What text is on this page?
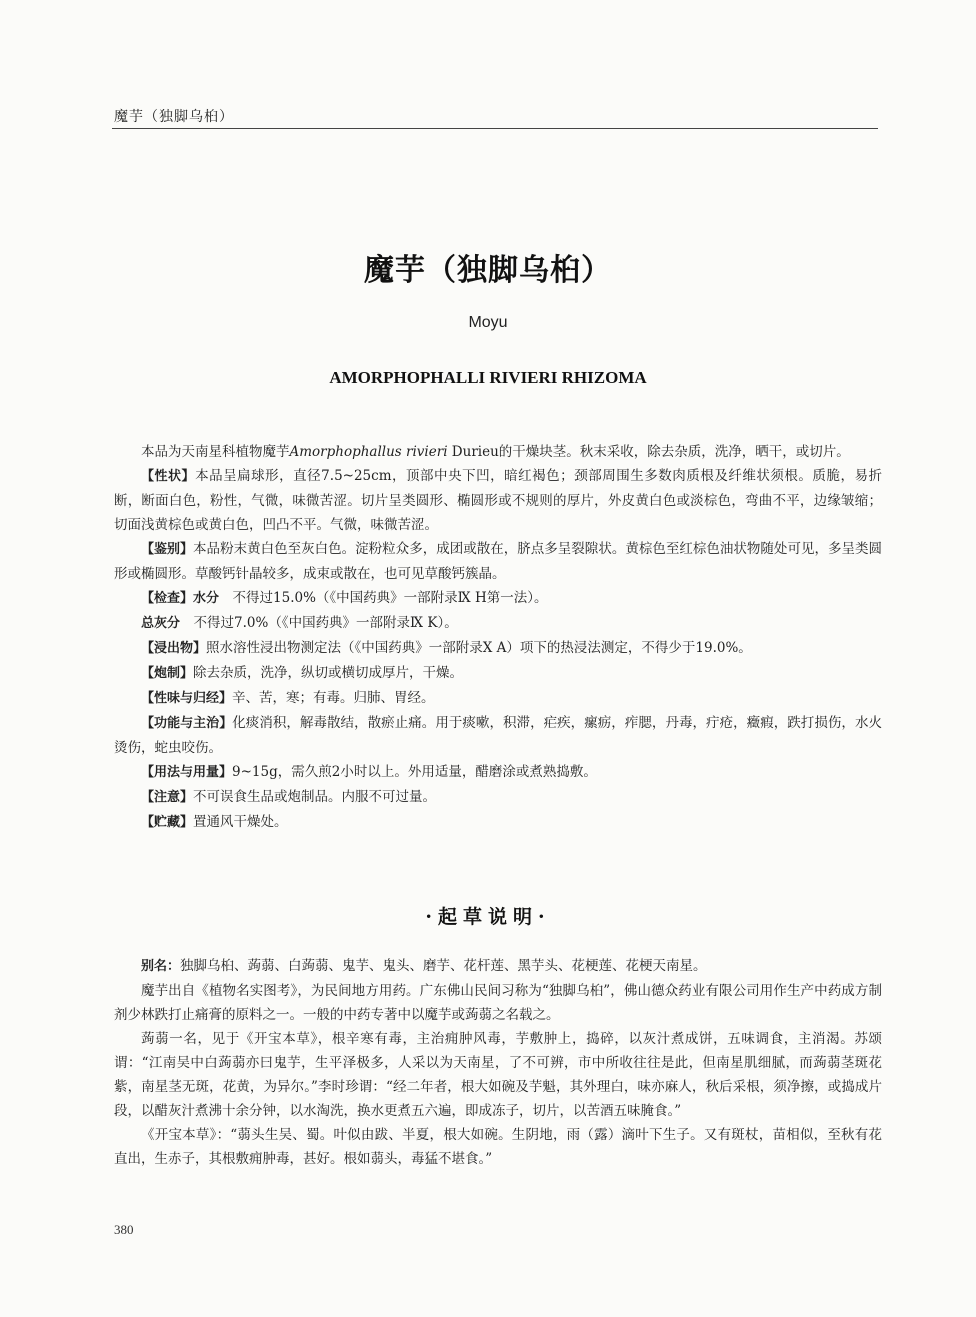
魔芋（独脚乌桕）
魔芋（独脚乌桕）
Moyu
AMORPHOPHALLI RIVIERI RHIZOMA

本品为天南星科植物魔芋Amorphophallus rivieri Durieu的干燥块茎。秋末采收，除去杂质，洗净，晒干，或切片。

【性状】本品呈扁球形，直径7.5~25cm，顶部中央下凹，暗红褐色；颈部周围生多数肉质根及纤维状须根。质脆，易折断，断面白色，粉性，气微，味微苦涩。切片呈类圆形、椭圆形或不规则的厚片，外皮黄白色或淡棕色，弯曲不平，边缘皱缩；切面浅黄棕色或黄白色，凹凸不平。气微，味微苦涩。

【鉴别】本品粉末黄白色至灰白色。淀粉粒众多，成团或散在，脐点多呈裂隙状。黄棕色至红棕色油状物随处可见，多呈类圆形或椭圆形。草酸钙针晶较多，成束或散在，也可见草酸钙簇晶。

【检查】水分　不得过15.0%（《中国药典》一部附录Ⅸ H第一法）。

总灰分　不得过7.0%（《中国药典》一部附录Ⅸ K）。

【浸出物】照水溶性浸出物测定法（《中国药典》一部附录Ⅹ A）项下的热浸法测定，不得少于19.0%。

【炮制】除去杂质，洗净，纵切或横切成厚片，干燥。

【性味与归经】辛、苦，寒；有毒。归肺、胃经。

【功能与主治】化痰消积，解毒散结，散瘀止痛。用于痰嗽，积滞，疟疾，瘰疬，痄腮，丹毒，疔疮，癥瘕，跌打损伤，水火烫伤，蛇虫咬伤。

【用法与用量】9~15g，需久煎2小时以上。外用适量，醋磨涂或煮熟捣敷。

【注意】不可误食生品或炮制品。内服不可过量。

【贮藏】置通风干燥处。

·起草说明·

别名：独脚乌桕、蒟蒻、白蒟蒻、鬼芋、鬼头、磨芋、花杆莲、黑芋头、花梗莲、花梗天南星。

魔芋出自《植物名实图考》，为民间地方用药。广东佛山民间习称为“独脚乌桕”，佛山德众药业有限公司用作生产中药成方制剂少林跌打止痛膏的原料之一。一般的中药专著中以魔芋或蒟蒻之名载之。

蒟蒻一名，见于《开宝本草》，根辛寒有毒，主治痈肿风毒，芋敷肿上，捣碎，以灰汁煮成饼，五味调食，主消渴。苏颂谓：“江南吴中白蒟蒻亦曰鬼芋，生平泽极多，人采以为天南星，了不可辨，市中所收往往是此，但南星肌细腻，而蒟蒻茎斑花紫，南星茎无斑，花黄，为异尔。”李时珍谓：“经二年者，根大如碗及芋魁，其外理白，味亦麻人，秋后采根，须净擦，或捣成片段，以醋灰汁煮沸十余分钟，以水淘洗，换水更煮五六遍，即成冻子，切片，以苦酒五味腌食。”

《开宝本草》：“蒻头生吴、蜀。叶似由跋、半夏，根大如碗。生阴地，雨（露）滴叶下生子。又有斑杖，苗相似，至秋有花直出，生赤子，其根敷痈肿毒，甚好。根如蒻头，毒猛不堪食。”

380
